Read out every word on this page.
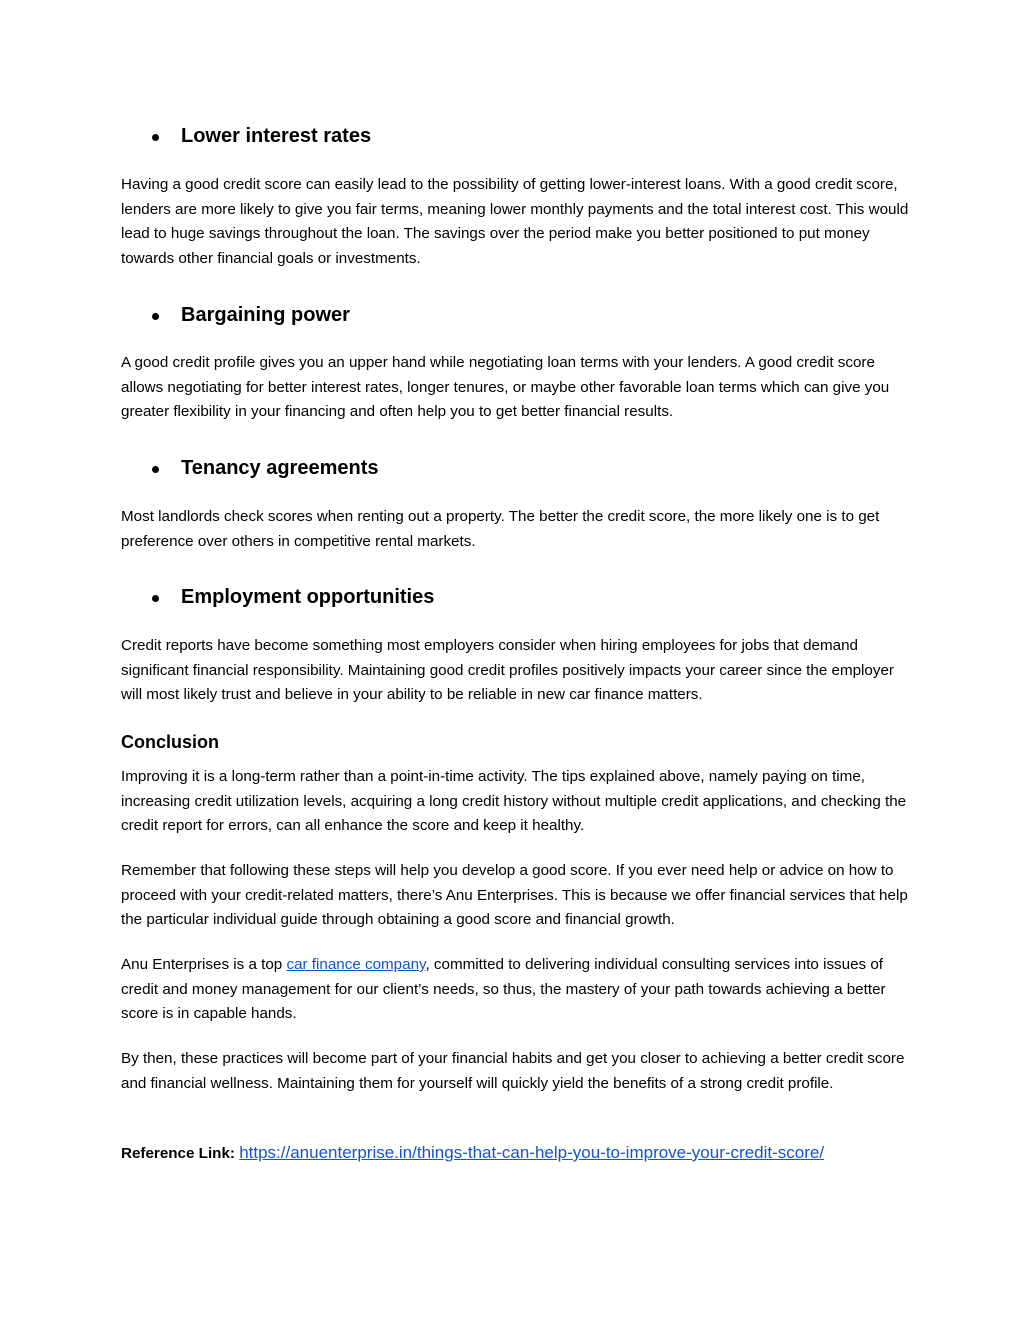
Lower interest rates

Having a good credit score can easily lead to the possibility of getting lower-interest loans. With a good credit score, lenders are more likely to give you fair terms, meaning lower monthly payments and the total interest cost. This would lead to huge savings throughout the loan. The savings over the period make you better positioned to put money towards other financial goals or investments.

Bargaining power

A good credit profile gives you an upper hand while negotiating loan terms with your lenders. A good credit score allows negotiating for better interest rates, longer tenures, or maybe other favorable loan terms which can give you greater flexibility in your financing and often help you to get better financial results.

Tenancy agreements

Most landlords check scores when renting out a property. The better the credit score, the more likely one is to get preference over others in competitive rental markets.

Employment opportunities

Credit reports have become something most employers consider when hiring employees for jobs that demand significant financial responsibility. Maintaining good credit profiles positively impacts your career since the employer will most likely trust and believe in your ability to be reliable in new car finance matters.

Conclusion

Improving it is a long-term rather than a point-in-time activity. The tips explained above, namely paying on time, increasing credit utilization levels, acquiring a long credit history without multiple credit applications, and checking the credit report for errors, can all enhance the score and keep it healthy.

Remember that following these steps will help you develop a good score. If you ever need help or advice on how to proceed with your credit-related matters, there’s Anu Enterprises. This is because we offer financial services that help the particular individual guide through obtaining a good score and financial growth.

Anu Enterprises is a top car finance company, committed to delivering individual consulting services into issues of credit and money management for our client’s needs, so thus, the mastery of your path towards achieving a better score is in capable hands.

By then, these practices will become part of your financial habits and get you closer to achieving a better credit score and financial wellness. Maintaining them for yourself will quickly yield the benefits of a strong credit profile.

Reference Link: https://anuenterprise.in/things-that-can-help-you-to-improve-your-credit-score/
